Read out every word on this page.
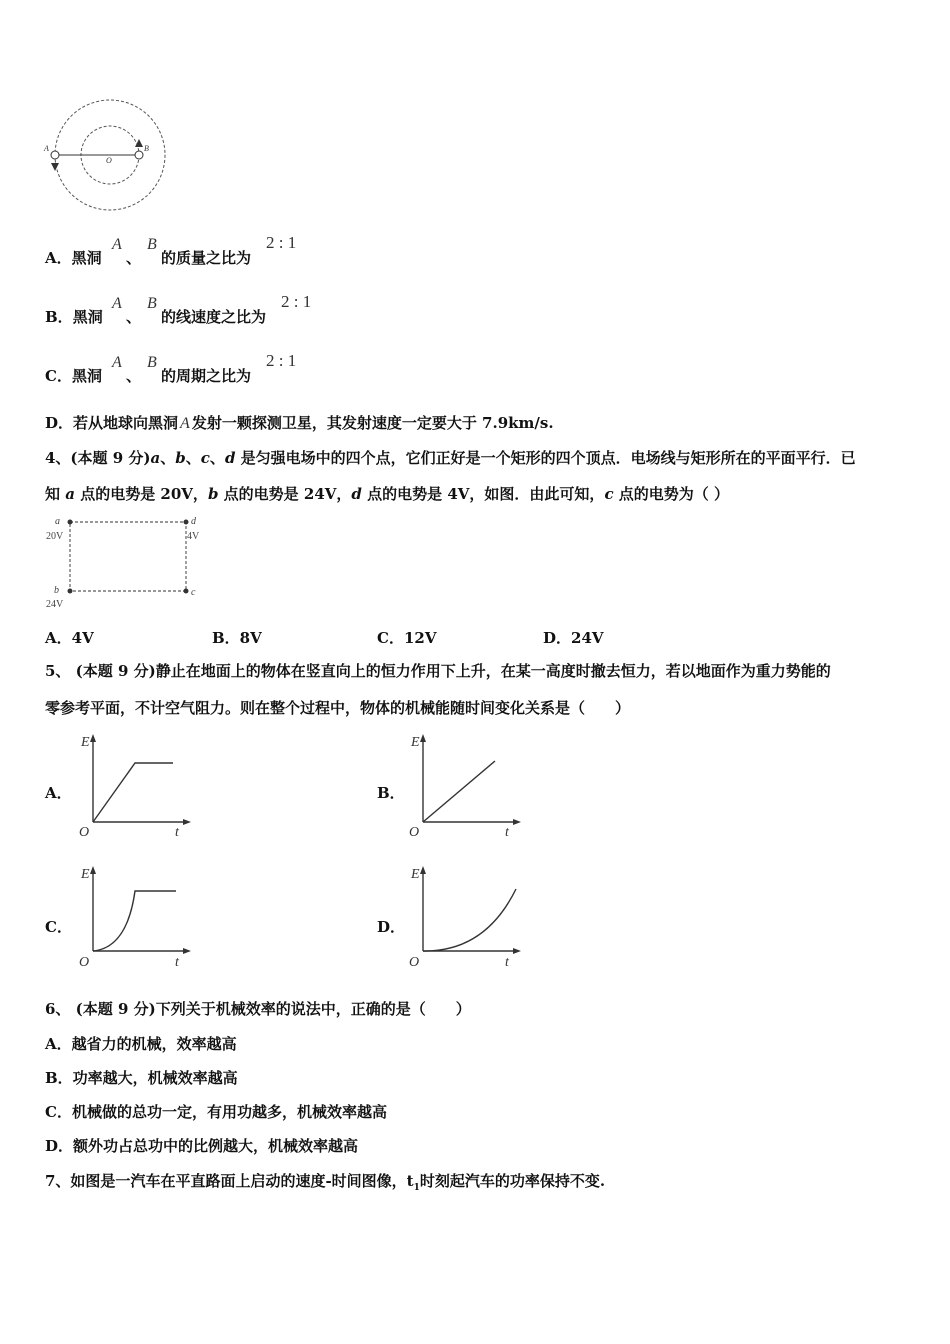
A	B
O
A．黑洞
A
、
B
的质量之比为
2 : 1
B．黑洞
A
、
B
的线速度之比为
2 : 1
C．黑洞
A
、
B
的周期之比为
2 : 1
D．若从地球向黑洞 A 发射一颗探测卫星，其发射速度一定要大于 7.9km/s.
4、(本题 9 分)a、b、c、d 是匀强电场中的四个点，它们正好是一个矩形的四个顶点．电场线与矩形所在的平面平行．已
知 a 点的电势是 20V，b 点的电势是 24V，d 点的电势是 4V，如图．由此可知，c 点的电势为（ ）
a
20V
d
4V
b
24V
c
A．4V	B．8V	C．12V	D．24V
5、 (本题 9 分)静止在地面上的物体在竖直向上的恒力作用下上升，在某一高度时撤去恒力，若以地面作为重力势能的
零参考平面，不计空气阻力。则在整个过程中，物体的机械能随时间变化关系是（　　）
A．
E
O	t
B．
E
O	t
C．
E
O	t
D．
E
O	t
6、 (本题 9 分)下列关于机械效率的说法中，正确的是（　　）
A．越省力的机械，效率越高
B．功率越大，机械效率越高
C．机械做的总功一定，有用功越多，机械效率越高
D．额外功占总功中的比例越大，机械效率越高
7、如图是一汽车在平直路面上启动的速度-时间图像，$t_1$时刻起汽车的功率保持不变.
